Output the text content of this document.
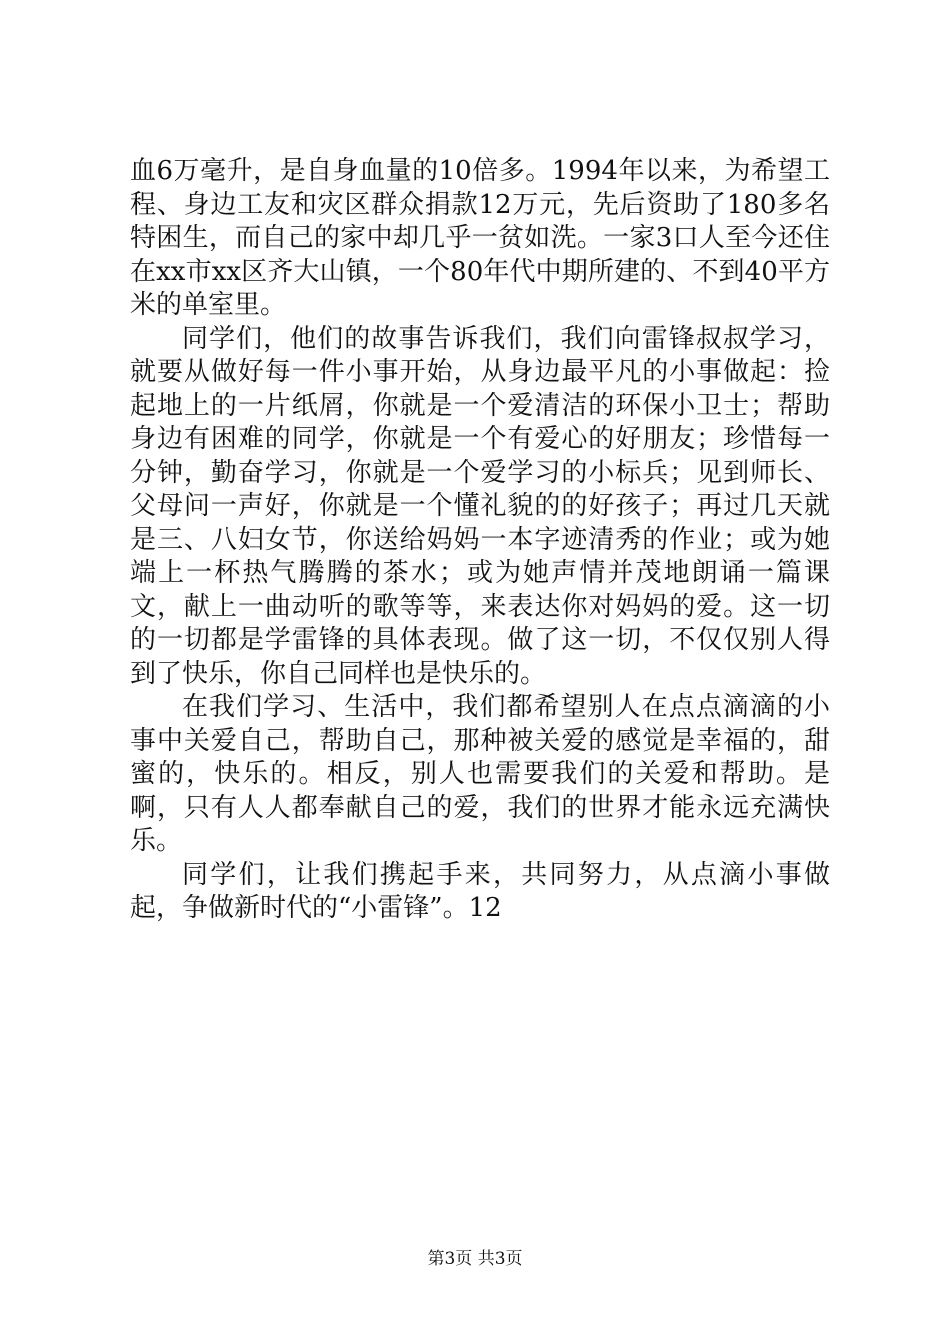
血6万毫升，是自身血量的10倍多。1994年以来，为希望工程、身边工友和灾区群众捐款12万元，先后资助了180多名特困生，而自己的家中却几乎一贫如洗。一家3口人至今还住在xx市xx区齐大山镇，一个80年代中期所建的、不到40平方米的单室里。

同学们，他们的故事告诉我们，我们向雷锋叔叔学习，就要从做好每一件小事开始，从身边最平凡的小事做起：捡起地上的一片纸屑，你就是一个爱清洁的环保小卫士；帮助身边有困难的同学，你就是一个有爱心的好朋友；珍惜每一分钟，勤奋学习，你就是一个爱学习的小标兵；见到师长、父母问一声好，你就是一个懂礼貌的的好孩子；再过几天就是三、八妇女节，你送给妈妈一本字迹清秀的作业；或为她端上一杯热气腾腾的茶水；或为她声情并茂地朗诵一篇课文，献上一曲动听的歌等等，来表达你对妈妈的爱。这一切的一切都是学雷锋的具体表现。做了这一切，不仅仅别人得到了快乐，你自己同样也是快乐的。

在我们学习、生活中，我们都希望别人在点点滴滴的小事中关爱自己，帮助自己，那种被关爱的感觉是幸福的，甜蜜的，快乐的。相反，别人也需要我们的关爱和帮助。是啊，只有人人都奉献自己的爱，我们的世界才能永远充满快乐。

同学们，让我们携起手来，共同努力，从点滴小事做起，争做新时代的“小雷锋”。12

第3页 共3页
